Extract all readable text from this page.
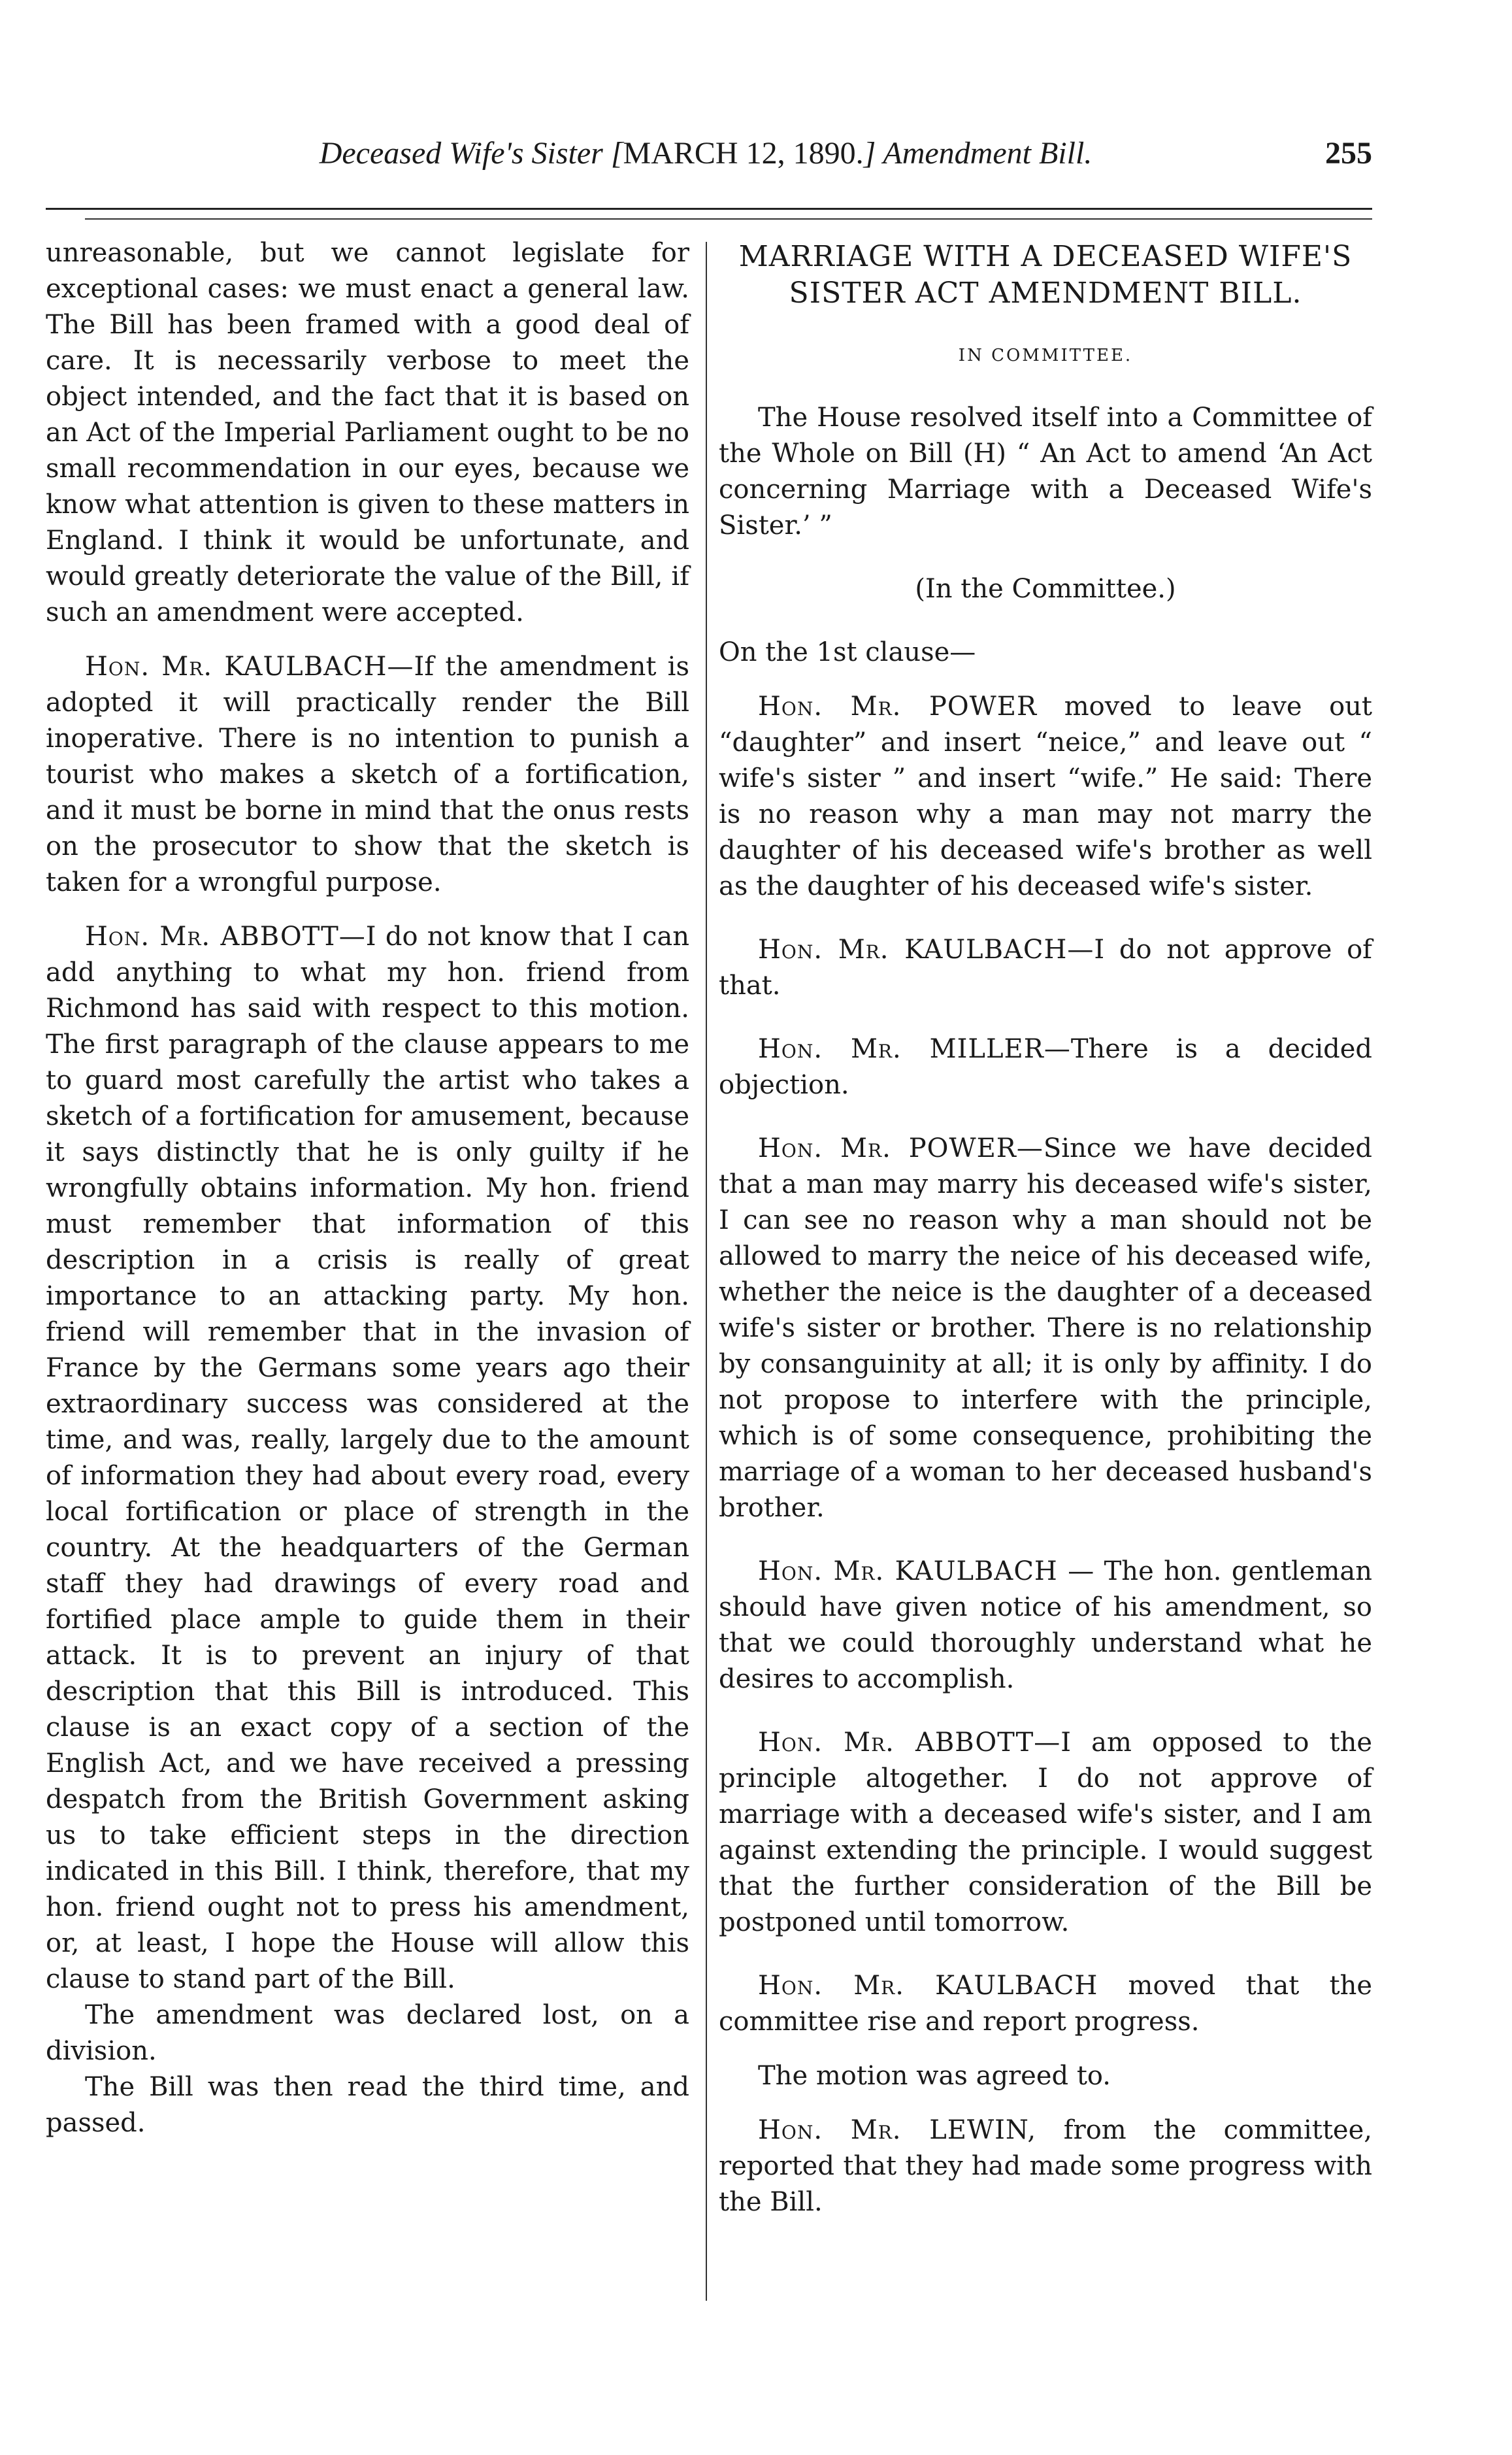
Deceased Wife's Sister [MARCH 12, 1890.] Amendment Bill.	255

unreasonable, but we cannot legislate for exceptional cases: we must enact a general law. The Bill has been framed with a good deal of care. It is necessarily verbose to meet the object intended, and the fact that it is based on an Act of the Imperial Parliament ought to be no small recommendation in our eyes, because we know what attention is given to these matters in England. I think it would be unfortunate, and would greatly deteriorate the value of the Bill, if such an amendment were accepted.

Hon. Mr. KAULBACH—If the amendment is adopted it will practically render the Bill inoperative. There is no intention to punish a tourist who makes a sketch of a fortification, and it must be borne in mind that the onus rests on the prosecutor to show that the sketch is taken for a wrongful purpose.

Hon. Mr. ABBOTT—I do not know that I can add anything to what my hon. friend from Richmond has said with respect to this motion. The first paragraph of the clause appears to me to guard most carefully the artist who takes a sketch of a fortification for amusement, because it says distinctly that he is only guilty if he wrongfully obtains information. My hon. friend must remember that information of this description in a crisis is really of great importance to an attacking party. My hon. friend will remember that in the invasion of France by the Germans some years ago their extraordinary success was considered at the time, and was, really, largely due to the amount of information they had about every road, every local fortification or place of strength in the country. At the headquarters of the German staff they had drawings of every road and fortified place ample to guide them in their attack. It is to prevent an injury of that description that this Bill is introduced. This clause is an exact copy of a section of the English Act, and we have received a pressing despatch from the British Government asking us to take efficient steps in the direction indicated in this Bill. I think, therefore, that my hon. friend ought not to press his amendment, or, at least, I hope the House will allow this clause to stand part of the Bill.

The amendment was declared lost, on a division.

The Bill was then read the third time, and passed.

MARRIAGE WITH A DECEASED WIFE'S SISTER ACT AMENDMENT BILL.
IN COMMITTEE.

The House resolved itself into a Committee of the Whole on Bill (H) “ An Act to amend ‘An Act concerning Marriage with a Deceased Wife's Sister.’ ”

(In the Committee.)

On the 1st clause—

Hon. Mr. POWER moved to leave out “daughter” and insert “neice,” and leave out “ wife's sister ” and insert “wife.” He said: There is no reason why a man may not marry the daughter of his deceased wife's brother as well as the daughter of his deceased wife's sister.

Hon. Mr. KAULBACH—I do not approve of that.

Hon. Mr. MILLER—There is a decided objection.

Hon. Mr. POWER—Since we have decided that a man may marry his deceased wife's sister, I can see no reason why a man should not be allowed to marry the neice of his deceased wife, whether the neice is the daughter of a deceased wife's sister or brother. There is no relationship by consanguinity at all; it is only by affinity. I do not propose to interfere with the principle, which is of some consequence, prohibiting the marriage of a woman to her deceased husband's brother.

Hon. Mr. KAULBACH — The hon. gentleman should have given notice of his amendment, so that we could thoroughly understand what he desires to accomplish.

Hon. Mr. ABBOTT—I am opposed to the principle altogether. I do not approve of marriage with a deceased wife's sister, and I am against extending the principle. I would suggest that the further consideration of the Bill be postponed until tomorrow.

Hon. Mr. KAULBACH moved that the committee rise and report progress.

The motion was agreed to.

Hon. Mr. LEWIN, from the committee, reported that they had made some progress with the Bill.
